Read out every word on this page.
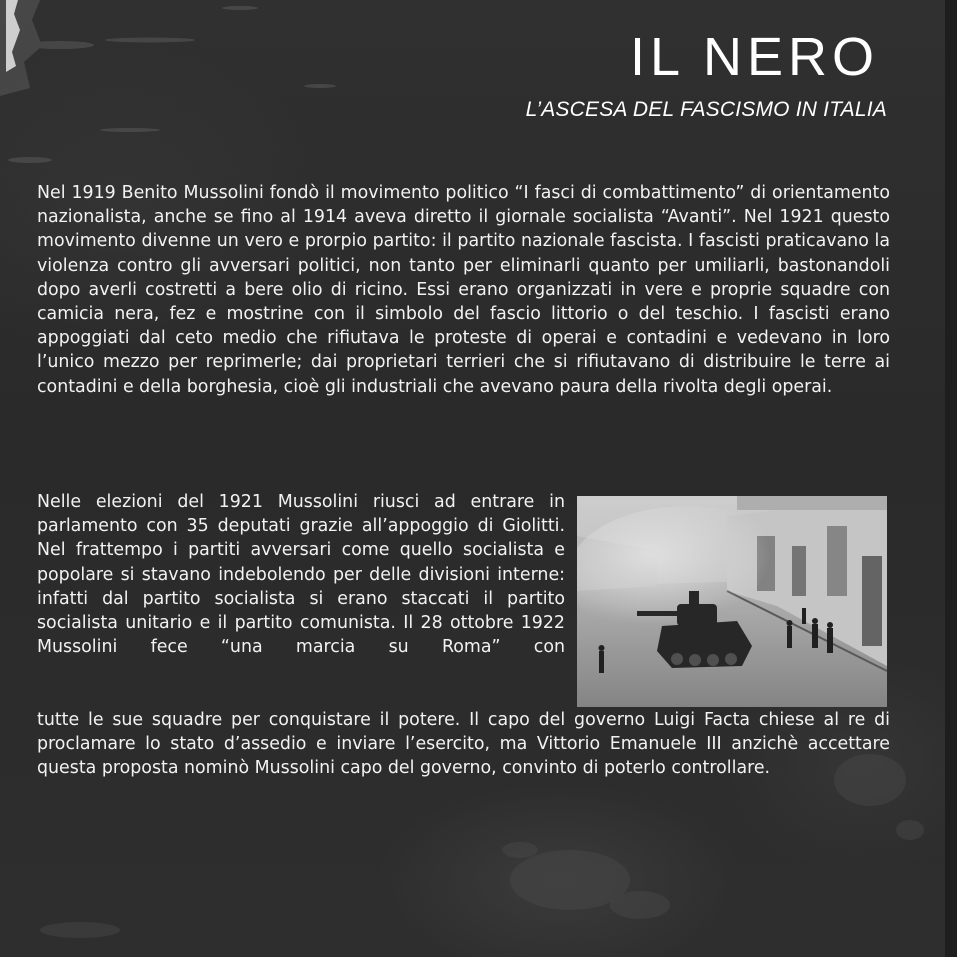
IL NERO
L’ASCESA DEL FASCISMO IN ITALIA

Nel 1919 Benito Mussolini fondò il movimento politico “I fasci di combattimento” di orientamento nazionalista, anche se fino al 1914 aveva diretto il giornale socialista “Avanti”. Nel 1921 questo movimento divenne un vero e prorpio partito: il partito nazionale fascista. I fascisti praticavano la violenza contro gli avversari politici, non tanto per eliminarli quanto per umiliarli, bastonandoli dopo averli costretti a bere olio di ricino. Essi erano organizzati in vere e proprie squadre con camicia nera, fez e mostrine con il simbolo del fascio littorio o del teschio. I fascisti erano appoggiati dal ceto medio che rifiutava le proteste di operai e contadini e vedevano in loro l’unico mezzo per reprimerle; dai proprietari terrieri che si rifiutavano di distribuire le terre ai contadini e della borghesia, cioè gli industriali che avevano paura della rivolta degli operai.

Nelle elezioni del 1921 Mussolini riusci ad entrare in parlamento con 35 deputati grazie all’appoggio di Giolitti. Nel frattempo i partiti avversari come quello socialista e popolare si stavano indebolendo per delle divisioni interne: infatti dal partito socialista si erano staccati il partito socialista unitario e il partito comunista. Il 28 ottobre 1922 Mussolini fece “una marcia su Roma” con

tutte le sue squadre per conquistare il potere. Il capo del governo Luigi Facta chiese al re di proclamare lo stato d’assedio e inviare l’esercito, ma Vittorio Emanuele III anzichè accettare questa proposta nominò Mussolini capo del governo, convinto di poterlo controllare.
